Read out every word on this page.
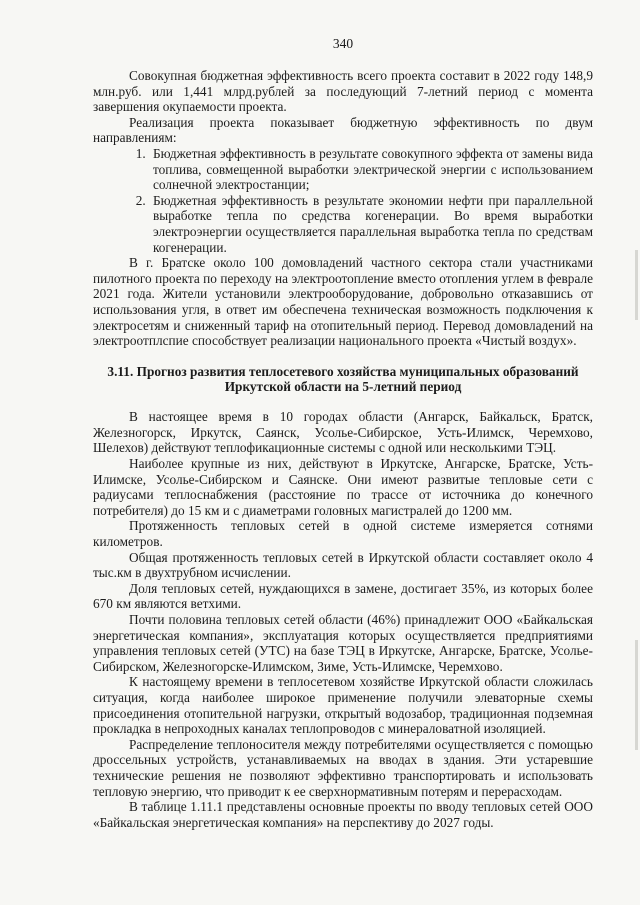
340

Совокупная бюджетная эффективность всего проекта составит в 2022 году 148,9 млн.руб. или 1,441 млрд.рублей за последующий 7-летний период с момента завершения окупаемости проекта.

Реализация проекта показывает бюджетную эффективность по двум направлениям:

1. Бюджетная эффективность в результате совокупного эффекта от замены вида топлива, совмещенной выработки электрической энергии с использованием солнечной электростанции;
2. Бюджетная эффективность в результате экономии нефти при параллельной выработке тепла по средства когенерации. Во время выработки электроэнергии осуществляется параллельная выработка тепла по средствам когенерации.

В г. Братске около 100 домовладений частного сектора стали участниками пилотного проекта по переходу на электроотопление вместо отопления углем в феврале 2021 года. Жители установили электрооборудование, добровольно отказавшись от использования угля, в ответ им обеспечена техническая возможность подключения к электросетям и сниженный тариф на отопительный период. Перевод домовладений на электроотплспие способствует реализации национального проекта «Чистый воздух».

3.11. Прогноз развития теплосетевого хозяйства муниципальных образований
Иркутской области на 5-летний период

В настоящее время в 10 городах области (Ангарск, Байкальск, Братск, Железногорск, Иркутск, Саянск, Усолье-Сибирское, Усть-Илимск, Черемхово, Шелехов) действуют теплофикационные системы с одной или несколькими ТЭЦ.

Наиболее крупные из них, действуют в Иркутске, Ангарске, Братске, Усть-Илимске, Усолье-Сибирском и Саянске. Они имеют развитые тепловые сети с радиусами теплоснабжения (расстояние по трассе от источника до конечного потребителя) до 15 км и с диаметрами головных магистралей до 1200 мм.

Протяженность тепловых сетей в одной системе измеряется сотнями километров.

Общая протяженность тепловых сетей в Иркутской области составляет около 4 тыс.км в двухтрубном исчислении.

Доля тепловых сетей, нуждающихся в замене, достигает 35%, из которых более 670 км являются ветхими.

Почти половина тепловых сетей области (46%) принадлежит ООО «Байкальская энергетическая компания», эксплуатация которых осуществляется предприятиями управления тепловых сетей (УТС) на базе ТЭЦ в Иркутске, Ангарске, Братске, Усолье-Сибирском, Железногорске-Илимском, Зиме, Усть-Илимске, Черемхово.

К настоящему времени в теплосетевом хозяйстве Иркутской области сложилась ситуация, когда наиболее широкое применение получили элеваторные схемы присоединения отопительной нагрузки, открытый водозабор, традиционная подземная прокладка в непроходных каналах теплопроводов с минераловатной изоляцией.

Распределение теплоносителя между потребителями осуществляется с помощью дроссельных устройств, устанавливаемых на вводах в здания. Эти устаревшие технические решения не позволяют эффективно транспортировать и использовать тепловую энергию, что приводит к ее сверхнормативным потерям и перерасходам.

В таблице 1.11.1 представлены основные проекты по вводу тепловых сетей ООО «Байкальская энергетическая компания» на перспективу до 2027 годы.
